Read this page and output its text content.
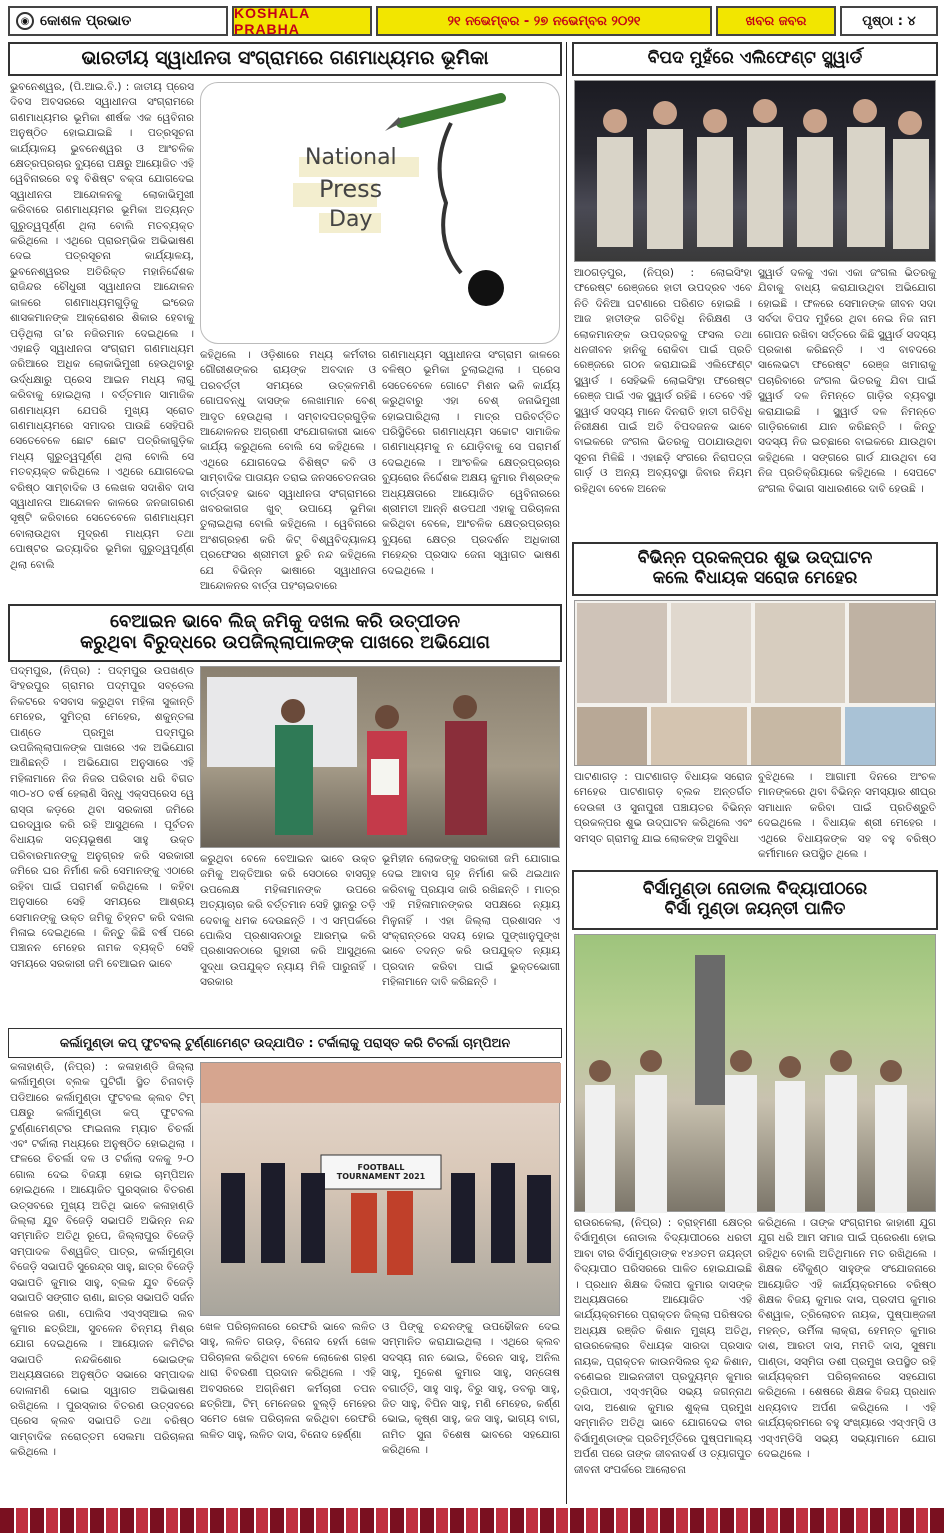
◉ କୋଶଳ ପ୍ରଭାତ	KOSHALA PRABHA	୨୧ ନଭେମ୍ବର - ୨୭ ନଭେମ୍ବର ୨୦୨୧	ଖବର ଜବର	ପୃଷ୍ଠା : ୪
ଭାରତୀୟ ସ୍ୱାଧୀନତା ସଂଗ୍ରାମରେ ଗଣମାଧ୍ୟମର ଭୂମିକା
ଭୁବନେଶ୍ୱର, (ପି.ଆଇ.ବି.) : ଜାତୀୟ ପ୍ରେସ ଦିବସ ଅବସରରେ ସ୍ୱାଧୀନତା ସଂଗ୍ରାମରେ ଗଣମାଧ୍ୟମର ଭୂମିକା ଶୀର୍ଷକ ଏକ ୱେବିନାର ଅନୁଷ୍ଠିତ ହୋଇଯାଇଛି । ପତ୍ରସୂଚନା କାର୍ଯ୍ୟାଳୟ ଭୁବନେଶ୍ୱର ଓ ଆଂଚଳିକ କ୍ଷେତ୍ରପ୍ରଚାର ବ୍ୟୁରୋ ପକ୍ଷରୁ ଆୟୋଜିତ ଏହି ୱେବିନାରରେ ବହୁ ବିଶିଷ୍ଟ ବକ୍ତା ଯୋଗଦେଇ ସ୍ୱାଧୀନତା ଆନ୍ଦୋଳନକୁ ଲୋକାଭିମୁଖୀ କରିବାରେ ଗଣମାଧ୍ୟମର ଭୂମିକା ଅତ୍ୟନ୍ତ ଗୁରୁତ୍ୱପୂର୍ଣ୍ଣ ଥିଲା ବୋଲି ମତବ୍ୟକ୍ତ କରିଥିଲେ । ଏଥିରେ ପ୍ରାରମ୍ଭିକ ଅଭିଭାଷଣ ଦେଇ ପତ୍ରସୂଚନା କାର୍ଯ୍ୟାଳୟ, ଭୁବନେଶ୍ୱରର ଅତିରିକ୍ତ ମହାନିର୍ଦ୍ଦେଶକ ରାଜିନ୍ଦର ଚୌଧୁରୀ ସ୍ୱାଧୀନତା ଆନ୍ଦୋଳନ କାଳରେ ଗଣମାଧ୍ୟମଗୁଡ଼ିକୁ ଇଂରେଜ ଶାସକମାନଙ୍କ ଆକ୍ରୋଶର ଶିକାର ହେବାକୁ ପଡ଼ିଥିଲା ତା’ର ନଜିରମାନ ଦେଇଥିଲେ । ଏହାଛଡ଼ି ସ୍ୱାଧୀନତା ସଂଗ୍ରାମ ଗଣମାଧ୍ୟମ ଜରିଆରେ ଅଧିକ ଲୋକାଭିମୁଖୀ ହେଉଥିବାରୁ ଉର୍ଦ୍ଧକ୍ଷାରୁ ପ୍ରେସ ଆଇନ ମଧ୍ୟ ଲାଗୁ କରିବାକୁ ହୋଇଥିଲା । ବର୍ତ୍ତମାନ ସାମାଜିକ ଗଣମାଧ୍ୟମ ଯେପରି ମୁଖ୍ୟ ସ୍ରୋତ ଗଣମାଧ୍ୟମରେ ସମାଦର ପାଉଛି ସେହିପରି ସେତେବେଳେ ଛୋଟ ଛୋଟ ପତ୍ରିକାଗୁଡ଼ିକ ମଧ୍ୟ ଗୁରୁତ୍ୱପୂର୍ଣ୍ଣ ଥିଲା ବୋଲି ସେ ମତବ୍ୟକ୍ତ କରିଥିଲେ । ଏଥିରେ ଯୋଗଦେଇ ବରିଷ୍ଠ ସାମ୍ବାଦିକ ଓ ଲେଖକ ସଦାଶିବ ଦାସ ସ୍ୱାଧୀନତା ଆନ୍ଦୋଳନ କାଳରେ ଜନଜାଗରଣ ସୃଷ୍ଟି କରିବାରେ ସେତେବେଳେ ଗଣମାଧ୍ୟମ ବୋଲାଉଥିବା ମୁଦ୍ରଣ ମାଧ୍ୟମ ତଥା ପୋଷ୍ଟର ଇତ୍ୟାଦିର ଭୂମିକା ଗୁରୁତ୍ୱପୂର୍ଣ୍ଣ ଥିଲା ବୋଲି
National
Press
Day
କହିଥିଲେ । ଓଡ଼ିଶାରେ ମଧ୍ୟ କର୍ମବୀର ଗୌରୀଶଙ୍କର ରାୟଙ୍କ ଅବଦାନ ଓ ପରବର୍ତ୍ତୀ ସମୟରେ ଉତ୍କଳମଣି ଗୋପବନ୍ଧୁ ଦାସଙ୍କ ଲେଖାମାନ ବେଶ୍ ଆଦୃତ ହେଉଥିଲା । ସମ୍ବାଦପତ୍ରଗୁଡ଼ିକ ଆନ୍ଦୋଳନର ଅଗ୍ରଣୀ ସଂଯୋଗକାରୀ ଭାବେ କାର୍ଯ୍ୟ କରୁଥିଲେ ବୋଲି ସେ କହିଥିଲେ । ଏଥିରେ ଯୋଗଦେଇ ବିଶିଷ୍ଟ କବି ଓ ସାମ୍ବାଦିକ ପାତାୟନ ତରାଇ ଜନସଚେତନତାର ବାର୍ତ୍ତାବହ ଭାବେ ସ୍ୱାଧୀନତା ସଂଗ୍ରାମରେ ଖବରକାଗଜ ଖୁବ୍ ଉପାୟେ ଭୂମିକା ତୁଲାଇଥିଲା ବୋଲି କହିଥିଲେ । ୱେବିନାରେ ଅଂଶଗ୍ରହଣ କରି କିଟ୍ ବିଶ୍ୱବିଦ୍ୟାଳୟ ପ୍ରଫେସର ଶ୍ରୀମତୀ ରୁଚି ନନ୍ଦ କହିଥିଲେ ଯେ ବିଭିନ୍ନ ଭାଷାରେ ସ୍ୱାଧୀନତା ଆନ୍ଦୋଳନର ବାର୍ତ୍ତା ପହଂଚାଇବାରେ
ଗଣମାଧ୍ୟମ ସ୍ୱାଧୀନତା ସଂଗ୍ରାମ କାଳରେ ବଳିଷ୍ଠ ଭୂମିକା ତୁଲାଇଥିଲା । ପ୍ରେସ ସେତେବେଳେ ଗୋଟେ ମିଶନ ଭଳି କାର୍ଯ୍ୟ କରୁଥିବାରୁ ଏହା ବେଶ୍ ଜନାଭିମୁଖୀ ହୋଇପାରିଥିଲା । ମାତ୍ର ପରିବର୍ତ୍ତିତ ପରିସ୍ଥିତିରେ ଗଣମାଧ୍ୟମ ସଚ୍ଚୋଟ ସାମାଜିକ ଗଣମାଧ୍ୟମକୁ ନ ଯୋଡ଼ିବାକୁ ସେ ପରାମର୍ଶ ଦେଇଥିଲେ । ଆଂଚଳିକ କ୍ଷେତ୍ରପ୍ରଚାର ବ୍ୟୁରୋର ନିର୍ଦ୍ଦେଶକ ଅକ୍ଷୟ କୁମାର ମିଶ୍ରଙ୍କ ଅଧ୍ୟକ୍ଷତାରେ ଆୟୋଜିତ ୱେବିନାରରେ ଶ୍ରୀମତୀ ଆନ୍ନି ଶଡପଥୀ ଏହାକୁ ପରିଚାଳନା କରିଥିବା ବେଳେ, ଆଂଚଳିକ କ୍ଷେତ୍ରପ୍ରଚାର ବ୍ୟୁରୋ କ୍ଷେତ୍ର ପ୍ରଦର୍ଶନ ଅଧିକାରୀ ମହେନ୍ଦ୍ର ପ୍ରସାଦ ଜେନା ସ୍ୱାଗତ ଭାଷଣ ଦେଇଥିଲେ ।
ବିପଦ ମୁହଁରେ ଏଲିଫେଣ୍ଟ ସ୍କ୍ୱାର୍ଡ
ଆଠଗଡ଼ପୁର, (ନିପ୍ର) : ଲୋଇସିଂହା ଫରେଷ୍ଟ ରେଞ୍ଜରେ ହାତୀ ଉପଦ୍ରବ ଏବେ ନିତି ଦିନିଆ ଘଟଣାରେ ପରିଣତ ହୋଇଛି । ଆଜ ହାତୀଙ୍କ ଗତିବିଧି ନିରିକ୍ଷଣ ଓ ଲୋକମାନଙ୍କ ଉପଦ୍ରବକୁ ଫସଲ ତଥା ଧନଜୀବନ ହାନିକୁ ରୋକିବା ପାଇଁ ପ୍ରତି ରେଞ୍ଜରେ ଗଠନ କରାଯାଇଛି ଏଲିଫେଣ୍ଟ ସ୍କ୍ୱାର୍ଡ । ସେହିଭଳି ଲୋଇସିଂହା ଫରେଷ୍ଟ ରେଞ୍ଜ ପାଇଁ ଏକ ସ୍କ୍ୱାର୍ଡ ରହିଛି । ତେବେ ଏହି ସ୍କ୍ୱାର୍ଡ ସଦସ୍ୟ ମାନେ ଦିନରାତି ହାତୀ ଗତିବିଧି ନିରୀକ୍ଷଣ ପାଇଁ ଅତି ବିପଦଜନକ ଭାବେ ବାଇକରେ ଜଂଗଲ ଭିତରକୁ ପଠାଯାଉଥିବା ସୂଚନା ମିଳିଛି । ଏହାଛଡ଼ି ସଂଗରେ ନିରାପତ୍ତା ଗାର୍ଡ଼ ଓ ଅନ୍ୟ ଅବ୍ୟବସ୍ଥା ଜିବାର ନିୟମ ରହିଥିବା ବେଳେ ଅନେକ
ସ୍କ୍ୱାର୍ଡ ଦଳକୁ ଏକା ଏକା ଜଂଗଲ ଭିତରକୁ ଯିବାକୁ ବାଧ୍ୟ କରାଯାଉଥିବା ଅଭିଯୋଗ ହୋଇଛି । ଫଳରେ ସେମାନଙ୍କ ଜୀବନ ସଦା ସର୍ବଦା ବିପଦ ମୁହଁରେ ଥିବା ନେଇ ନିଜ ନାମ ଗୋପନ ରଖିବା ସର୍ତ୍ତରେ କିଛି ସ୍କ୍ୱାର୍ଡ ସଦସ୍ୟ ପ୍ରକାଶ କରିଛନ୍ତି । ଏ ବାବଦରେ ସାଲେଭଟା ଫରେଷ୍ଟ ରେଞ୍ଜ ଖମାରାକୁ ପଚାରିବାରେ ଜଂଗଲ ଭିତରକୁ ଯିବା ପାଇଁ ସ୍କ୍ୱାର୍ଡ ଦଳ ନିମନ୍ତେ ଗାଡ଼ିର ବ୍ୟବସ୍ଥା କରାଯାଇଛି । ସ୍କ୍ୱାର୍ଡ ଦଳ ନିମନ୍ତେ ଗାଡ଼ିରକୋଣ ଯାନ କରିଛନ୍ତି । କିନ୍ତୁ ସଦସ୍ୟ ନିଜ ଇଚ୍ଛାରେ ବାଇକରେ ଯାଉଥିବା କହିଥିଲେ । ସଙ୍ଗରେ ଗାର୍ଡ ଯାଉଥିବା ସେ ନିଜ ପ୍ରତିକ୍ରିୟାରେ କହିଥିଲେ । ସେପଟେ ଜଂଗଲ ବିଭାଗ ସାଧାରଣରେ ଦାବି ହେଉଛି ।
ବିଭିନ୍ନ ପ୍ରକଳ୍ପର ଶୁଭ ଉଦ୍‌ଘାଟନ
କଲେ ବିଧାୟକ ସରୋଜ ମେହେର
ପାଟଣାଗଡ଼ : ପାଟଣାଗଡ଼ ବିଧାୟକ ସରୋଜ ମେହେର ପାଟଣାଗଡ଼ ବ୍ଲକ ଅନ୍ତର୍ଗତ ଦେଉଳୀ ଓ ସୁନାପୁରୀ ପଞ୍ଚାୟତର ବିଭିନ୍ନ ପ୍ରକଳ୍ପର ଶୁଭ ଉଦ୍‌ଘାଟନ କରିଥିଲେ ଏବଂ ସମସ୍ତ ଗ୍ରାମକୁ ଯାଇ ଲୋକଙ୍କ ଅସୁବିଧା
ବୁଝିଥିଲେ । ଆଗାମୀ ଦିନରେ ଅଂଚଳ ମାନଙ୍କରେ ଥିବା ବିଭିନ୍ନ ସମସ୍ୟାର ଶୀଘ୍ର ସମାଧାନ କରିବା ପାଇଁ ପ୍ରତିଶ୍ରୁତି ଦେଇଥିଲେ । ବିଧାୟକ ଶ୍ରୀ ମେହେର । ଏଥିରେ ବିଧାୟକଙ୍କ ସହ ବହୁ ବରିଷ୍ଠ କର୍ମୀମାନେ ଉପସ୍ଥିତ ଥିଲେ ।
ବେଆଇନ ଭାବେ ଲିଜ୍ ଜମିକୁ ଦଖଲ କରି ଉତ୍ପୀଡନ
କରୁଥିବା ବିରୁଦ୍ଧରେ ଉପଜିଲ୍ଲାପାଳଙ୍କ ପାଖରେ ଅଭିଯୋଗ
ପଦ୍ମପୁର, (ନିପ୍ର) : ପଦ୍ମପୁର ଉପଖଣ୍ଡ ସିଂହରପୁର ଗ୍ରାମର ପଦ୍ମପୁର ସବ୍‌ଡେଲ ନିକଟରେ ବସବାସ କରୁଥିବା ମହିଳା ସୁକାନ୍ତି ମେହେର, ସୁମିତ୍ରା ମେହେର, ଶକୁନ୍ତଳା ପାଣ୍ଡେ ପ୍ରମୁଖ ପଦ୍ମପୁର ଉପଜିଲ୍ଲାପାଳଙ୍କ ପାଖରେ ଏକ ଅଭିଯୋଗ ଆଣିଛନ୍ତି । ଅଭିଯୋଗ ଅନୁସାରେ ଏହି ମହିଳାମାନେ ନିଜ ନିଜର ପରିବାର ଧରି ବିଗତ ୩୦-୪୦ ବର୍ଷ ହେଲାଣି ସିନ୍ଧୁ ଏକ୍ସପ୍ରେସ ୱେ ରାସ୍ତା କଡ଼ରେ ଥିବା ସରକାରୀ ଜମିରେ ଘରଦ୍ୱାର କରି ରହି ଆସୁଥିଲେ । ପୂର୍ବତନ ବିଧାୟକ ସତ୍ୟଭୂଷଣ ସାହୁ ଉକ୍ତ ପରିବାରମାନଙ୍କୁ ଅନୁଗ୍ରହ କରି ସରକାରୀ ଜମିରେ ଘର ନିର୍ମାଣ କରି ସେମାନଙ୍କୁ ଏଠାରେ ରହିବା ପାଇଁ ପରାମର୍ଶ କରିଥିଲେ । କହିବା ଅନୁସାରେ ସେହି ସମୟରେ ଆଶ୍ରୟ ସେମାନଙ୍କୁ ଉକ୍ତ ଜମିକୁ ଚିହ୍ନଟ କରି ଦଖଲ ମିଳାଇ ଦେଇଥିଲେ । କିନ୍ତୁ କିଛି ବର୍ଷ ପରେ ପଞ୍ଚାନନ ମେହେର ନାମକ ବ୍ୟକ୍ତି ସେହି ସମୟରେ ସରକାରୀ ଜମି ବେଆଇନ ଭାବେ
କରୁଥିବା ବେଳେ ବେଆଇନ ଭାବେ ଉକ୍ତ ଜମିକୁ ଅକ୍ତିଆର କରି ସେଠାରେ ବାସଗୃହ ଉପଲେକ୍ଷ ମହିଳାମାନଙ୍କ ଉପରେ ଅତ୍ୟାଚାର କରି ବର୍ତ୍ତମାନ ସେହି ସ୍ଥାନରୁ ତଡ଼ି ଦେବାକୁ ଧମକ ଦେଉଛନ୍ତି । ଏ ସମ୍ପର୍କରେ ପୋଲିସ ପ୍ରଶାସନଠାରୁ ଆରମ୍ଭ କରି ପ୍ରଶାସନଠାରେ ଗୁହାରୀ କରି ଆସୁଥିଲେ ସୁଦ୍ଧା ଉପଯୁକ୍ତ ନ୍ୟାୟ ମିଳି ପାରୁନାହିଁ । ସରକାର
ଭୂମିହୀନ ଲୋକଙ୍କୁ ସରକାରୀ ଜମି ଯୋଗାଇ ଦେଇ ଆବାସ ଗୃହ ନିର୍ମାଣ କରି ଥଇଥାନ କରିବାକୁ ପ୍ରୟାସ ଜାରି ରଖିଛନ୍ତି । ମାତ୍ର ଏହି ମହିଳାମାନଙ୍କର ସପକ୍ଷରେ ନ୍ୟାୟ ମିଳୁନାହିଁ । ଏହା ଜିଲ୍ଲା ପ୍ରଶାସନ ଏ ସଂକ୍ରାନ୍ତରେ ସଦୟ ହୋଇ ପୁଙ୍ଖାନୁପୁଙ୍ଖ ଭାବେ ତଦନ୍ତ କରି ଉପଯୁକ୍ତ ନ୍ୟାୟ ପ୍ରଦାନ କରିବା ପାଇଁ ଭୁକ୍ତଭୋଗୀ ମହିଳାମାନେ ଦାବି କରିଛନ୍ତି ।
କର୍ଲାମୁଣ୍ଡା କପ୍ ଫୁଟବଲ୍ ଟୁର୍ଣ୍ଣାମେଣ୍ଟ ଉଦ୍‌ଯାପିତ : ଟର୍କାଲାକୁ ପରାସ୍ତ କରି ଚିଚର୍ଲା ଚାମ୍ପିଅନ
କଳାହାଣ୍ଡି, (ନିପ୍ର) : କଳାହାଣ୍ଡି ଜିଲ୍ଲା କର୍ଲାମୁଣ୍ଡା ବ୍ଲକ ପୁଟିଗାଁ ସ୍ଥିତ ଚିନାବାଡ଼ି ପଡିଆରେ କର୍ଲାମୁଣ୍ଡା ଫୁଟବଲ କ୍ଲବ ଟିମ୍ ପକ୍ଷରୁ କର୍ଲାମୁଣ୍ଡା କପ୍ ଫୁଟବଲ ଟୁର୍ଣ୍ଣାମେଣ୍ଟର ଫାଇନାଲ ମ୍ୟାଚ ଚିଚର୍ଲା ଏବଂ ଟର୍କାଲା ମଧ୍ୟରେ ଅନୁଷ୍ଠିତ ହୋଇଥିଲା । ଫଳରେ ଚିଚର୍ଲା ଦଳ ଓ ଟର୍କାଲା ଦଳକୁ ୨-୦ ଗୋଲ ଦେଇ ବିଜୟୀ ହୋଇ ଚାମ୍ପିଅନ ହୋଇଥିଲେ । ଆୟୋଜିତ ପୁରସ୍କାର ବିତରଣ ଉତ୍ସବରେ ମୁଖ୍ୟ ଅତିଥି ଭାବେ କଳାହାଣ୍ଡି ଜିଲ୍ଲା ଯୁବ ବିଜେଡ଼ି ସଭାପତି ଅଭିନ୍ନ ନନ୍ଦ ସମ୍ମାନିତ ଅତିଥି ରୂପେ, ଜିଲ୍ଲାପୁର ବିଜେଡ଼ି ସମ୍ପାଦକ ବିଶ୍ୱଜିତ୍ ପାତ୍ର, କର୍ଲାମୁଣ୍ଡା ବିଜେଡ଼ି ସଭାପତି ସୁରେନ୍ଦ୍ର ସାହୁ, ଛାତ୍ର ବିଜେଡ଼ି ସଭାପତି କୁମାର ସାହୁ, ବ୍ଲକ ଯୁବ ବିଜେଡ଼ି ସଭାପତି ସଙ୍ଗୀତ ରାଣା, ଛାତ୍ର ସଭାପତି ସର୍ଜନ ଖେଳର ଜଣା, ପୋଲିସ ଏସ୍ଏସ୍ଆଇ ଲବ କୁମାର ଛତ୍ରିଆ, ସୁବଳେନ ଚିନ୍ମୟ ମିଶ୍ର ଯୋଗ ଦେଇଥିଲେ । ଆୟୋଜନ କମିଟିର ସଭାପତି ନନ୍ଦକିଶୋର ଭୋଇଙ୍କ ଅଧ୍ୟକ୍ଷତାରେ ଅନୁଷ୍ଠିତ ସଭାରେ ସମ୍ପାଦକ ଦୋଳାମଣି ଭୋଇ ସ୍ୱାଗତ ଅଭିଭାଷଣ ରଖିଥିଲେ । ପୁରସ୍କାର ବିତରଣ ଉତ୍ସବରେ ପ୍ରେସ କ୍ଲବ ସଭାପତି ତଥା ବରିଷ୍ଠ ସାମ୍ବାଦିକ ନରୋତ୍ତମ ସେଲମା ପରିଚାଳନା କରିଥିଲେ ।
FOOTBALL TOURNAMENT 2021
ଖେଳ ପରିଚାଳନାରେ ରେଫରି ଭାବେ ଲଳିତ ସାହୁ, ଲଳିତ ଗଉଡ଼, ବିନୋଦ ହେର୍ନା ଖେଳ ପରିଚାଳନା କରିଥିବା ବେଳେ ଲୋକେଶ ଗହଣ ଧାରା ବିବରଣୀ ପ୍ରଦାନ କରିଥିଲେ । ଏହି ଅବସରରେ ଅଗ୍ନିଶମ କର୍ମଚାରୀ ତପନ ଛତ୍ରିଆ, ଟିମ୍ ମେନେଜର ବୁଲ୍‌ଡ଼ି ମେହେର ସମେତ ଖେଳ ପରିଚାଳନା କରିଥିବା ରେଫରି ଲଳିତ ସାହୁ, ଲଳିତ ଦାସ, ବିନୋଦ ହେର୍ଣ୍ଣା
ଓ ପିଙ୍କୁ ଚନ୍ଦନଙ୍କୁ ଉପଢୌକନ ଦେଇ ସମ୍ମାନିତ କରାଯାଇଥିଲା । ଏଥିରେ କ୍ଲବ ସଦସ୍ୟ ନାନ ଭୋଇ, ବିରେନ ସାହୁ, ଅନିଲ ସାହୁ, ମୁକେଶ କୁମାର ସାହୁ, ସନ୍ତୋଷ ବଗାର୍ତ୍ତି, ସାହୁ ସାହୁ, ବିରୁ ସାହୁ, ଡବଲୁ ସାହୁ, ଜିତ ସାହୁ, ବିପିନ ସାହୁ, ମଣି ମେହେର, କର୍ଣ୍ଣ ଭୋଇ, କୃଷ୍ଣ ସାହୁ, କଜ ସାହୁ, ଭାଗ୍ୟ ବାଗ, ନାମିତ ସୁନା ବିଶେଷ ଭାବରେ ସହଯୋଗ କରିଥିଲେ ।
ବିର୍ସାମୁଣ୍ଡା ନୋଡାଲ ବିଦ୍ୟାପୀଠରେ
ବିର୍ସା ମୁଣ୍ଡା ଜୟନ୍ତୀ ପାଳିତ
ରାଉରକେଲା, (ନିପ୍ର) : ବ୍ରାହ୍ମଣୀ କ୍ଷେତ୍ର ବିର୍ସାମୁଣ୍ଡା ନୋଡାଲ ବିଦ୍ୟାପୀଠରେ ଧରତୀ ଆବା ବୀର ବିର୍ସାମୁଣ୍ଡାଙ୍କ ୧୪୬ତମ ଜୟନ୍ତୀ ବିଦ୍ୟାପୀଠ ପରିସରରେ ପାଳିତ ହୋଇଯାଇଛି । ପ୍ରଧାନ ଶିକ୍ଷକ ଦିଲୀପ କୁମାର ଦାସଙ୍କ ଅଧ୍ୟକ୍ଷତାରେ ଆୟୋଜିତ ଏହି କାର୍ଯ୍ୟକ୍ରମରେ ପ୍ରାକ୍ତନ ଜିଲ୍ଲା ପରିଷଦର ଅଧ୍ୟକ୍ଷ ରଞ୍ଜିତ କିଶାନ ମୁଖ୍ୟ ଅତିଥି, ରାଉରକେଲାର ବିଧାୟକ ସାରଦା ପ୍ରସାଦ ନାୟକ, ପ୍ରାକ୍ତନ କାଉନସିଲର ବୃନ୍ଦ କିଶାନ, ବଣେଇର ଆଇନଜୀବୀ ପ୍ରଦ୍ୟୁମ୍ନ କୁମାର ତ୍ରିପାଠୀ, ଏସ୍ଏମ୍‌ସିର ସଭ୍ୟ ଜଗନ୍ନାଥ ଦାସ, ଅଶୋକ କୁମାର ଶୁକ୍ଳା ପ୍ରମୁଖ ସମ୍ମାନିତ ଅତିଥି ଭାବେ ଯୋଗଦେଇ ବୀର ବିର୍ସାମୁଣ୍ଡାଙ୍କ ପ୍ରତିମୂର୍ତ୍ତିରେ ପୁଷ୍ପମାଲ୍ୟ ଅର୍ପଣ ପରେ ତାଙ୍କ ଜୀବନାଦର୍ଶ ଓ ତ୍ୟାଗପୁତ ଜୀବନୀ ସଂପର୍କରେ ଆଲୋଚନା
କରିଥିଲେ । ତାଙ୍କ ସଂଗ୍ରାମର କାହାଣୀ ଯୁଗ ଯୁଗ ଧରି ଆମ ସମାଜ ପାଇଁ ପ୍ରେରଣା ହୋଇ ରହିଥିବ ବୋଲି ଅତିଥିମାନେ ମତ ରଖିଥିଲେ । ଶିକ୍ଷକ ବୈକୁଣ୍ଠ ସାହୁଙ୍କ ସଂଯୋଜନାରେ ଆୟୋଜିତ ଏହି କାର୍ଯ୍ୟକ୍ରମରେ ବରିଷ୍ଠ ଶିକ୍ଷକ ବିଜୟ କୁମାର ଦାସ, ପ୍ରଦୀପ କୁମାର ବିଶ୍ୱାଳ, ତ୍ରିଲୋଚନ ନାୟକ, ପୁଷ୍ପାଞ୍ଜଳୀ ମହନ୍ତ, ଉର୍ମିଳା ଲାକ୍ରା, ହେମନ୍ତ କୁମାର ଦାଶ, ଆରତୀ ଦାସ, ମମତି ଦାସ, ସୁଷମା ପାଣ୍ଡା, ସସ୍ମିତା ଡଶୀ ପ୍ରମୁଖ ଉପସ୍ଥିତ ରହି କାର୍ଯ୍ୟକ୍ରମ ପରିଚାଳନାରେ ସହଯୋଗ କରିଥିଲେ । ଶେଷରେ ଶିକ୍ଷକ ବିଜୟ ପ୍ରଧାନ ଧନ୍ୟବାଦ ଅର୍ପଣ କରିଥିଲେ । ଏହି କାର୍ଯ୍ୟକ୍ରମରେ ବହୁ ସଂଖ୍ୟାରେ ଏସ୍ଏମ୍‌ସି ଓ ଏସ୍ଏମ୍‌ଡିସି ସଭ୍ୟ ସଭ୍ୟାମାନେ ଯୋଗ ଦେଇଥିଲେ ।
